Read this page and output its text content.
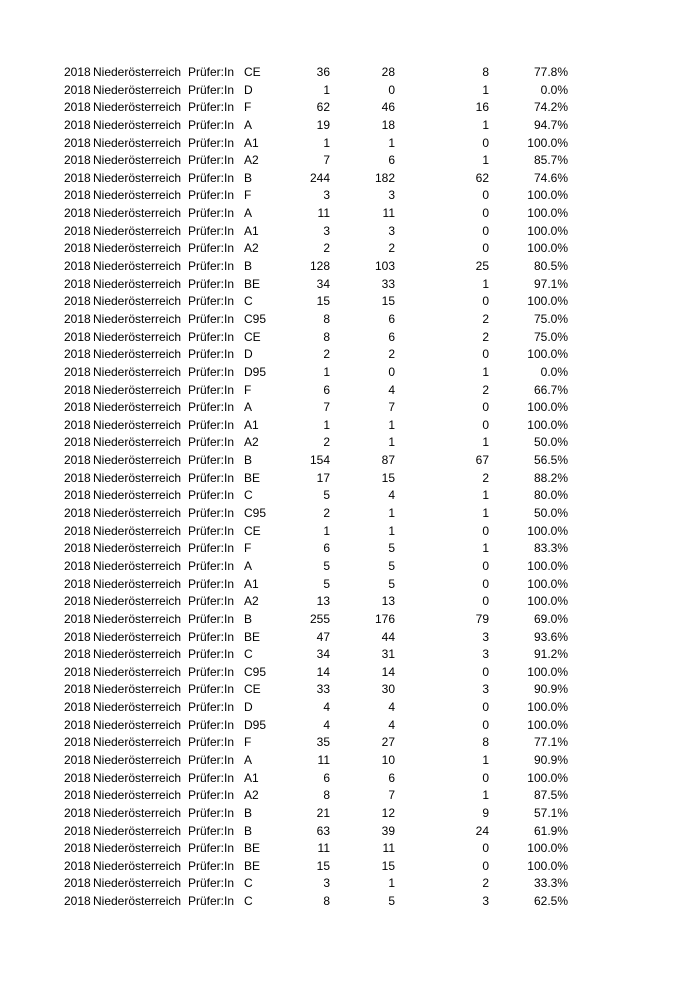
2018 Niederösterreich Prüfer:In CE	36	28	8	77.8%
2018 Niederösterreich Prüfer:In D	1	0	1	0.0%
2018 Niederösterreich Prüfer:In F	62	46	16	74.2%
2018 Niederösterreich Prüfer:In A	19	18	1	94.7%
2018 Niederösterreich Prüfer:In A1	1	1	0	100.0%
2018 Niederösterreich Prüfer:In A2	7	6	1	85.7%
2018 Niederösterreich Prüfer:In B	244	182	62	74.6%
2018 Niederösterreich Prüfer:In F	3	3	0	100.0%
2018 Niederösterreich Prüfer:In A	11	11	0	100.0%
2018 Niederösterreich Prüfer:In A1	3	3	0	100.0%
2018 Niederösterreich Prüfer:In A2	2	2	0	100.0%
2018 Niederösterreich Prüfer:In B	128	103	25	80.5%
2018 Niederösterreich Prüfer:In BE	34	33	1	97.1%
2018 Niederösterreich Prüfer:In C	15	15	0	100.0%
2018 Niederösterreich Prüfer:In C95	8	6	2	75.0%
2018 Niederösterreich Prüfer:In CE	8	6	2	75.0%
2018 Niederösterreich Prüfer:In D	2	2	0	100.0%
2018 Niederösterreich Prüfer:In D95	1	0	1	0.0%
2018 Niederösterreich Prüfer:In F	6	4	2	66.7%
2018 Niederösterreich Prüfer:In A	7	7	0	100.0%
2018 Niederösterreich Prüfer:In A1	1	1	0	100.0%
2018 Niederösterreich Prüfer:In A2	2	1	1	50.0%
2018 Niederösterreich Prüfer:In B	154	87	67	56.5%
2018 Niederösterreich Prüfer:In BE	17	15	2	88.2%
2018 Niederösterreich Prüfer:In C	5	4	1	80.0%
2018 Niederösterreich Prüfer:In C95	2	1	1	50.0%
2018 Niederösterreich Prüfer:In CE	1	1	0	100.0%
2018 Niederösterreich Prüfer:In F	6	5	1	83.3%
2018 Niederösterreich Prüfer:In A	5	5	0	100.0%
2018 Niederösterreich Prüfer:In A1	5	5	0	100.0%
2018 Niederösterreich Prüfer:In A2	13	13	0	100.0%
2018 Niederösterreich Prüfer:In B	255	176	79	69.0%
2018 Niederösterreich Prüfer:In BE	47	44	3	93.6%
2018 Niederösterreich Prüfer:In C	34	31	3	91.2%
2018 Niederösterreich Prüfer:In C95	14	14	0	100.0%
2018 Niederösterreich Prüfer:In CE	33	30	3	90.9%
2018 Niederösterreich Prüfer:In D	4	4	0	100.0%
2018 Niederösterreich Prüfer:In D95	4	4	0	100.0%
2018 Niederösterreich Prüfer:In F	35	27	8	77.1%
2018 Niederösterreich Prüfer:In A	11	10	1	90.9%
2018 Niederösterreich Prüfer:In A1	6	6	0	100.0%
2018 Niederösterreich Prüfer:In A2	8	7	1	87.5%
2018 Niederösterreich Prüfer:In B	21	12	9	57.1%
2018 Niederösterreich Prüfer:In B	63	39	24	61.9%
2018 Niederösterreich Prüfer:In BE	11	11	0	100.0%
2018 Niederösterreich Prüfer:In BE	15	15	0	100.0%
2018 Niederösterreich Prüfer:In C	3	1	2	33.3%
2018 Niederösterreich Prüfer:In C	8	5	3	62.5%
